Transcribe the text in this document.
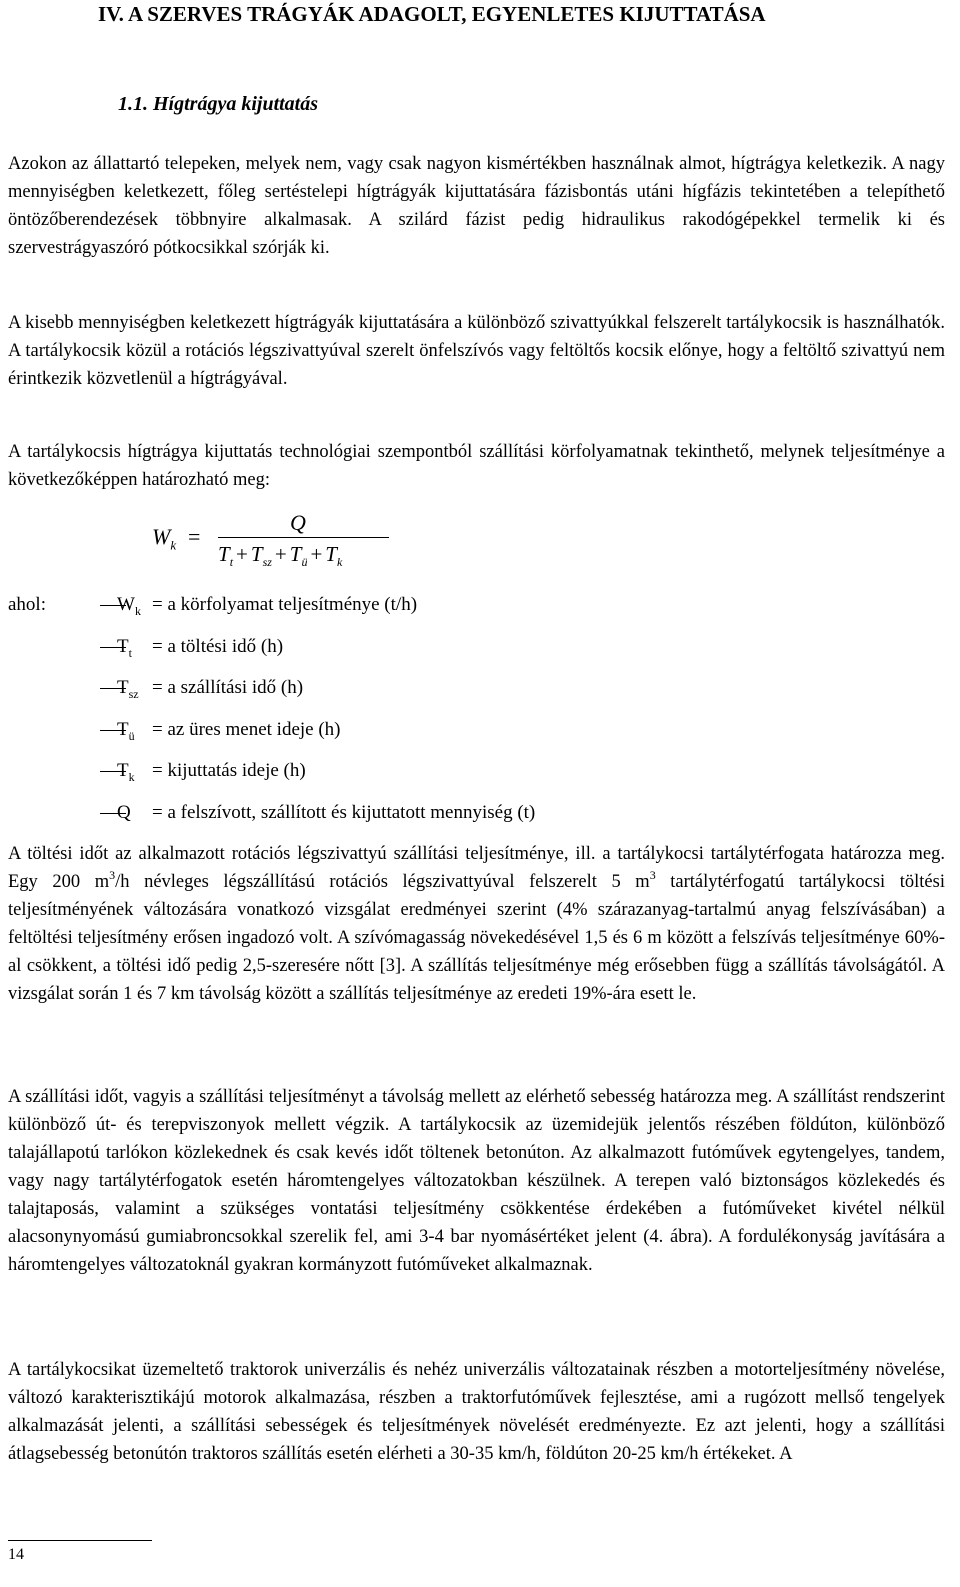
IV. A SZERVES TRÁGYÁK ADAGOLT, EGYENLETES KIJUTTATÁSA
1.1. Hígtrágya kijuttatás

Azokon az állattartó telepeken, melyek nem, vagy csak nagyon kismértékben használnak almot, hígtrágya keletkezik. A nagy mennyiségben keletkezett, főleg sertéstelepi hígtrágyák kijuttatására fázisbontás utáni hígfázis tekintetében a telepíthető öntözőberendezések többnyire alkalmasak. A szilárd fázist pedig hidraulikus rakodógépekkel termelik ki és szervestrágyaszóró pótkocsikkal szórják ki.

A kisebb mennyiségben keletkezett hígtrágyák kijuttatására a különböző szivattyúkkal felszerelt tartálykocsik is használhatók. A tartálykocsik közül a rotációs légszivattyúval szerelt önfelszívós vagy feltöltős kocsik előnye, hogy a feltöltő szivattyú nem érintkezik közvetlenül a hígtrágyával.

A tartálykocsis hígtrágya kijuttatás technológiai szempontból szállítási körfolyamatnak tekinthető, melynek teljesítménye a következőképpen határozható meg:

$W_k$ =
Q
$T_t + T_{sz} + T_ü + T_k$

ahol:	$W_k = a$ körfolyamat teljesítménye (t/h)
$T_t = a$ töltési idő (h)
$T_{sz} = a$ szállítási idő (h)
$T_ü$ = az üres menet ideje (h)
$T_k$ = kijuttatás ideje (h)
Q = a felszívott, szállított és kijuttatott mennyiség (t)

A töltési időt az alkalmazott rotációs légszivattyú szállítási teljesítménye, ill. a tartálykocsi tartálytérfogata határozza meg. Egy 200 $m^3/h$ névleges légszállítású rotációs légszivattyúval felszerelt 5 $m^3$ tartálytérfogatú tartálykocsi töltési teljesítményének változására vonatkozó vizsgálat eredményei szerint (4% szárazanyag-tartalmú anyag felszívásában) a feltöltési teljesítmény erősen ingadozó volt. A szívómagasság növekedésével 1,5 és 6 m között a felszívás teljesítménye 60%-al csökkent, a töltési idő pedig 2,5-szeresére nőtt [3]. A szállítás teljesítménye még erősebben függ a szállítás távolságától. A vizsgálat során 1 és 7 km távolság között a szállítás teljesítménye az eredeti 19%-ára esett le.

A szállítási időt, vagyis a szállítási teljesítményt a távolság mellett az elérhető sebesség határozza meg. A szállítást rendszerint különböző út- és terepviszonyok mellett végzik. A tartálykocsik az üzemidejük jelentős részében földúton, különböző talajállapotú tarlókon közlekednek és csak kevés időt töltenek betonúton. Az alkalmazott futóművek egytengelyes, tandem, vagy nagy tartálytérfogatok esetén háromtengelyes változatokban készülnek. A terepen való biztonságos közlekedés és talajtaposás, valamint a szükséges vontatási teljesítmény csökkentése érdekében a futóműveket kivétel nélkül alacsonynyomású gumiabroncsokkal szerelik fel, ami 3-4 bar nyomásértéket jelent (4. ábra). A fordulékonyság javítására a háromtengelyes változatoknál gyakran kormányzott futóműveket alkalmaznak.

A tartálykocsikat üzemeltető traktorok univerzális és nehéz univerzális változatainak részben a motorteljesítmény növelése, változó karakterisztikájú motorok alkalmazása, részben a traktorfutóművek fejlesztése, ami a rugózott mellső tengelyek alkalmazását jelenti, a szállítási sebességek és teljesítmények növelését eredményezte. Ez azt jelenti, hogy a szállítási átlagsebesség betonútón traktoros szállítás esetén elérheti a 30-35 km/h, földúton 20-25 km/h értékeket. A

14
